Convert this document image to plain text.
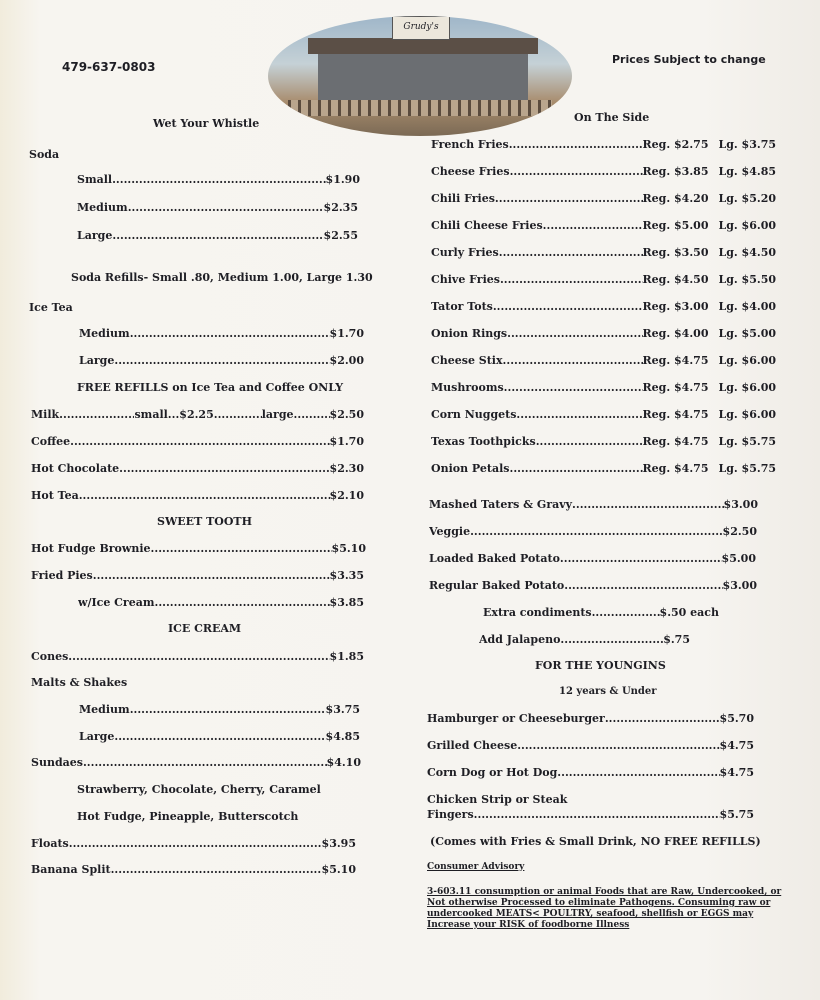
479-637-0803
Prices Subject to change
Grudy's
Wet Your Whistle
Soda
Small .....	$1.90
Medium .....	$2.35
Large .....	$2.55
Soda Refills- Small .80, Medium 1.00, Large 1.30
Ice Tea
Medium .....	$1.70
Large .....	$2.00
FREE REFILLS on Ice Tea and Coffee ONLY
Milk .....	small...$2.25 .....	large .....	$2.50
Coffee .....	$1.70
Hot Chocolate .....	$2.30
Hot Tea .....	$2.10
SWEET TOOTH
Hot Fudge Brownie .....	$5.10
Fried Pies .....	$3.35
w/Ice Cream .....	$3.85
ICE CREAM
Cones .....	$1.85
Malts & Shakes
Medium .....	$3.75
Large .....	$4.85
Sundaes .....	$4.10
Strawberry, Chocolate, Cherry, Caramel
Hot Fudge, Pineapple, Butterscotch
Floats .....	$3.95
Banana Split .....	$5.10
On The Side
French Fries .....	Reg. $2.75 Lg. $3.75
Cheese Fries .....	Reg. $3.85 Lg. $4.85
Chili Fries .....	Reg. $4.20 Lg. $5.20
Chili Cheese Fries .....	Reg. $5.00 Lg. $6.00
Curly Fries .....	Reg. $3.50 Lg. $4.50
Chive Fries .....	Reg. $4.50 Lg. $5.50
Tator Tots .....	Reg. $3.00 Lg. $4.00
Onion Rings .....	Reg. $4.00 Lg. $5.00
Cheese Stix .....	Reg. $4.75 Lg. $6.00
Mushrooms .....	Reg. $4.75 Lg. $6.00
Corn Nuggets .....	Reg. $4.75 Lg. $6.00
Texas Toothpicks .....	Reg. $4.75 Lg. $5.75
Onion Petals .....	Reg. $4.75 Lg. $5.75
Mashed Taters & Gravy .....	$3.00
Veggie .....	$2.50
Loaded Baked Potato .....	$5.00
Regular Baked Potato .....	$3.00
Extra condiments .....	$.50 each
Add Jalapeno .....	$.75
FOR THE YOUNGINS
12 years & Under
Hamburger or Cheeseburger .....	$5.70
Grilled Cheese .....	$4.75
Corn Dog or Hot Dog .....	$4.75
Chicken Strip or Steak
Fingers .....	$5.75
(Comes with Fries & Small Drink, NO FREE REFILLS)
Consumer Advisory
3-603.11 consumption or animal Foods that are Raw, Undercooked, or Not otherwise Processed to eliminate Pathogens. Consuming raw or undercooked MEATS< POULTRY, seafood, shellfish or EGGS may Increase your RISK of foodborne Illness
